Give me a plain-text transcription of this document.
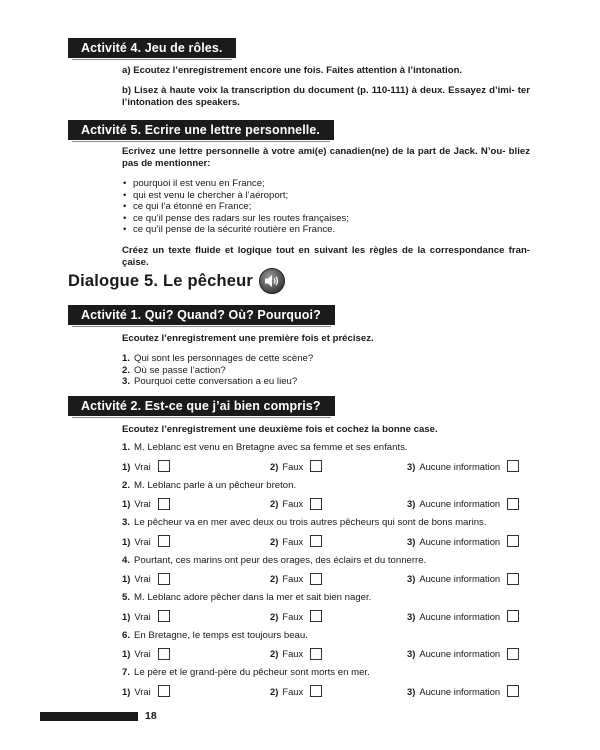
Activité 4. Jeu de rôles.

a) Ecoutez l’enregistrement encore une fois. Faites attention à l’intonation.

b) Lisez à haute voix la transcription du document (p. 110-111) à deux. Essayez d’imi- ter l’intonation des speakers.

Activité 5. Ecrire une lettre personnelle.

Ecrivez une lettre personnelle à votre ami(e) canadien(ne) de la part de Jack. N’ou- bliez pas de mentionner:

• pourquoi il est venu en France;
• qui est venu le chercher à l’aéroport;
• ce qui l’a étonné en France;
• ce qu’il pense des radars sur les routes françaises;
• ce qu’il pense de la sécurité routière en France.

Créez un texte fluide et logique tout en suivant les règles de la correspondance fran- çaise.

Dialogue 5. Le pêcheur
Activité 1. Qui? Quand? Où? Pourquoi?

Ecoutez l’enregistrement une première fois et précisez.

1. Qui sont les personnages de cette scène?
2. Où se passe l’action?
3. Pourquoi cette conversation a eu lieu?
Activité 2. Est-ce que j’ai bien compris?
Ecoutez l’enregistrement une deuxième fois et cochez la bonne case.
1. M. Leblanc est venu en Bretagne avec sa femme et ses enfants.
1) Vrai	2) Faux	3) Aucune information
2. M. Leblanc parle à un pêcheur breton.
1) Vrai	2) Faux	3) Aucune information
3. Le pêcheur va en mer avec deux ou trois autres pêcheurs qui sont de bons marins.
1) Vrai	2) Faux	3) Aucune information
4. Pourtant, ces marins ont peur des orages, des éclairs et du tonnerre.
1) Vrai	2) Faux	3) Aucune information
5. M. Leblanc adore pêcher dans la mer et sait bien nager.
1) Vrai	2) Faux	3) Aucune information
6. En Bretagne, le temps est toujours beau.
1) Vrai	2) Faux	3) Aucune information
7. Le père et le grand-père du pêcheur sont morts en mer.
1) Vrai	2) Faux	3) Aucune information
18
